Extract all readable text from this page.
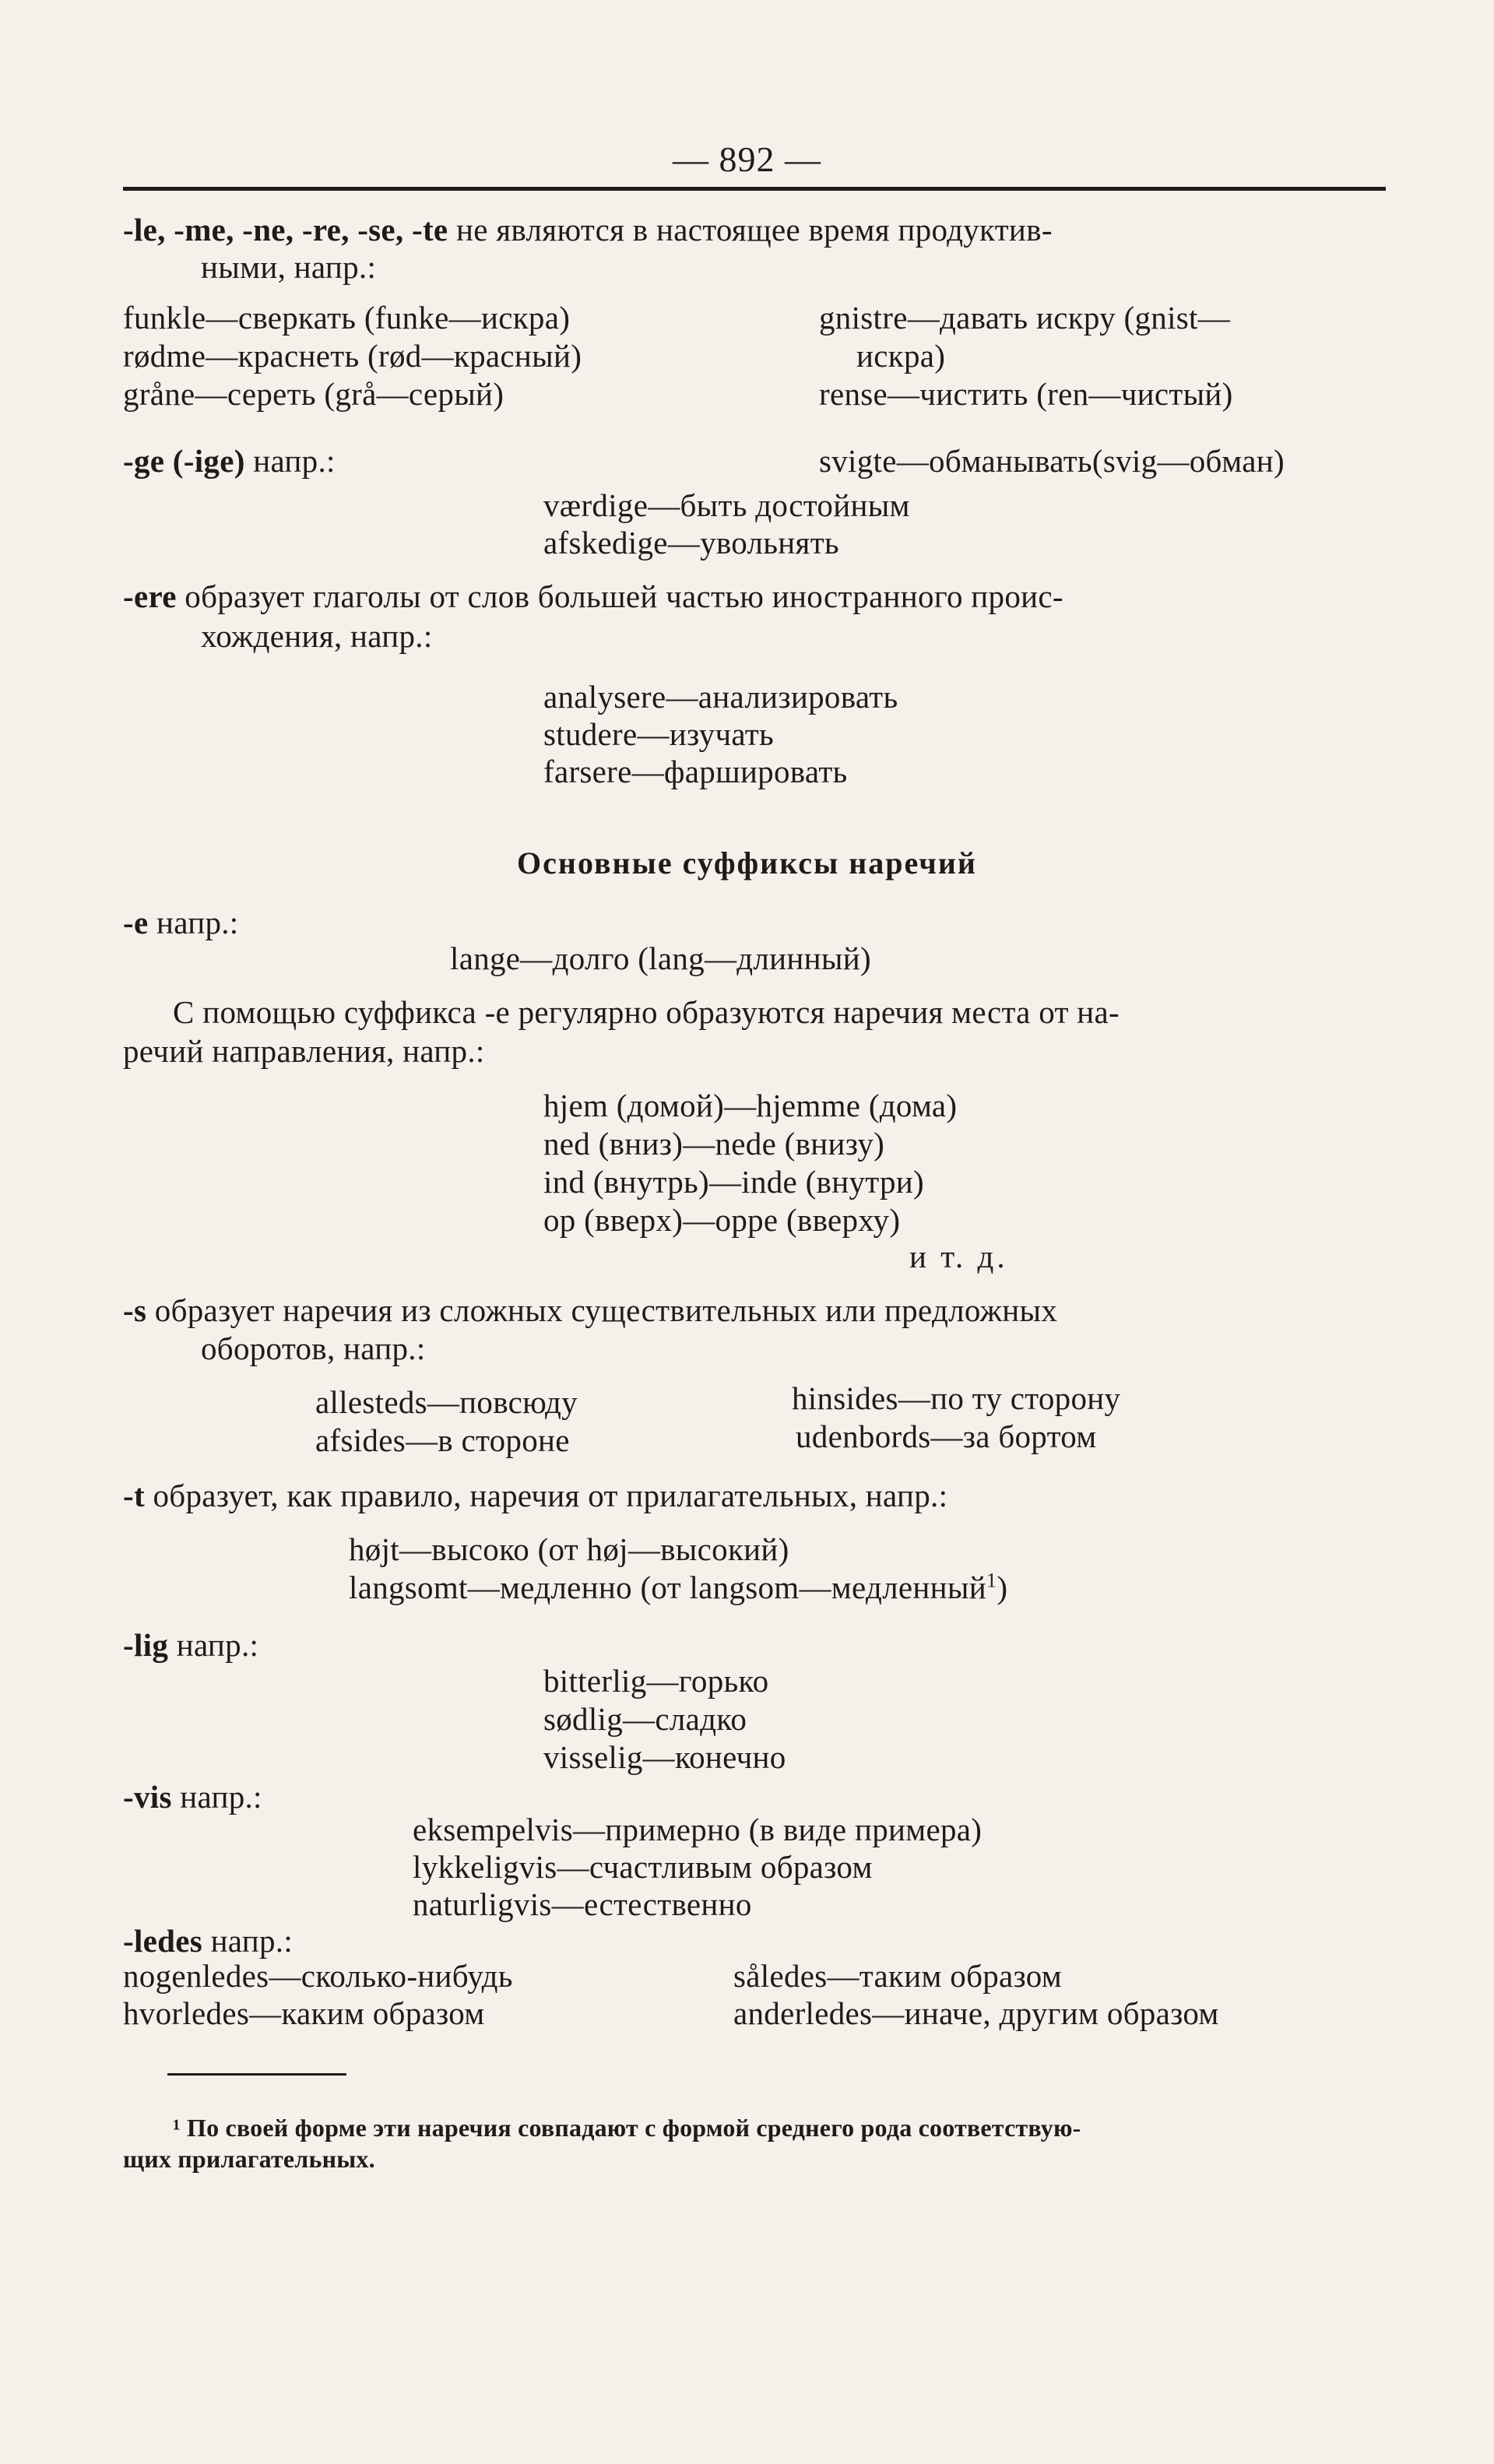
— 892 —
-le, -me, -ne, -re, -se, -te не являются в настоящее время продуктив-
ными, напр.:
funkle—сверкать (funke—искра)
rødme—краснеть (rød—красный)
gråne—сереть (grå—серый)
gnistre—давать искру (gnist—
искра)
rense—чистить (ren—чистый)
-ge (-ige) напр.:	svigte—обманывать(svig—обман)
værdige—быть достойным
afskedige—увольнять
-ere образует глаголы от слов большей частью иностранного проис-
хождения, напр.:
analysere—анализировать
studere—изучать
farsere—фаршировать
Основные суффиксы наречий
-e напр.:
lange—долго (lang—длинный)
С помощью суффикса -e регулярно образуются наречия места от на-
речий направления, напр.:
hjem (домой)—hjemme (дома)
ned (вниз)—nede (внизу)
ind (внутрь)—inde (внутри)
op (вверх)—oppe (вверху)
и т. д.
-s образует наречия из сложных существительных или предложных
оборотов, напр.:
allesteds—повсюду
afsides—в стороне
hinsides—по ту сторону
udenbords—за бортом
-t образует, как правило, наречия от прилагательных, напр.:
højt—высоко (от høj—высокий)
langsomt—медленно (от langsom—медленный$^1$)
-lig напр.:
bitterlig—горько
sødlig—сладко
visselig—конечно
-vis напр.:
eksempelvis—примерно (в виде примера)
lykkeligvis—счастливым образом
naturligvis—естественно
-ledes напр.:
nogenledes—сколько-нибудь
hvorledes—каким образом
således—таким образом
anderledes—иначе, другим образом
¹ По своей форме эти наречия совпадают с формой среднего рода соответствую-
щих прилагательных.
